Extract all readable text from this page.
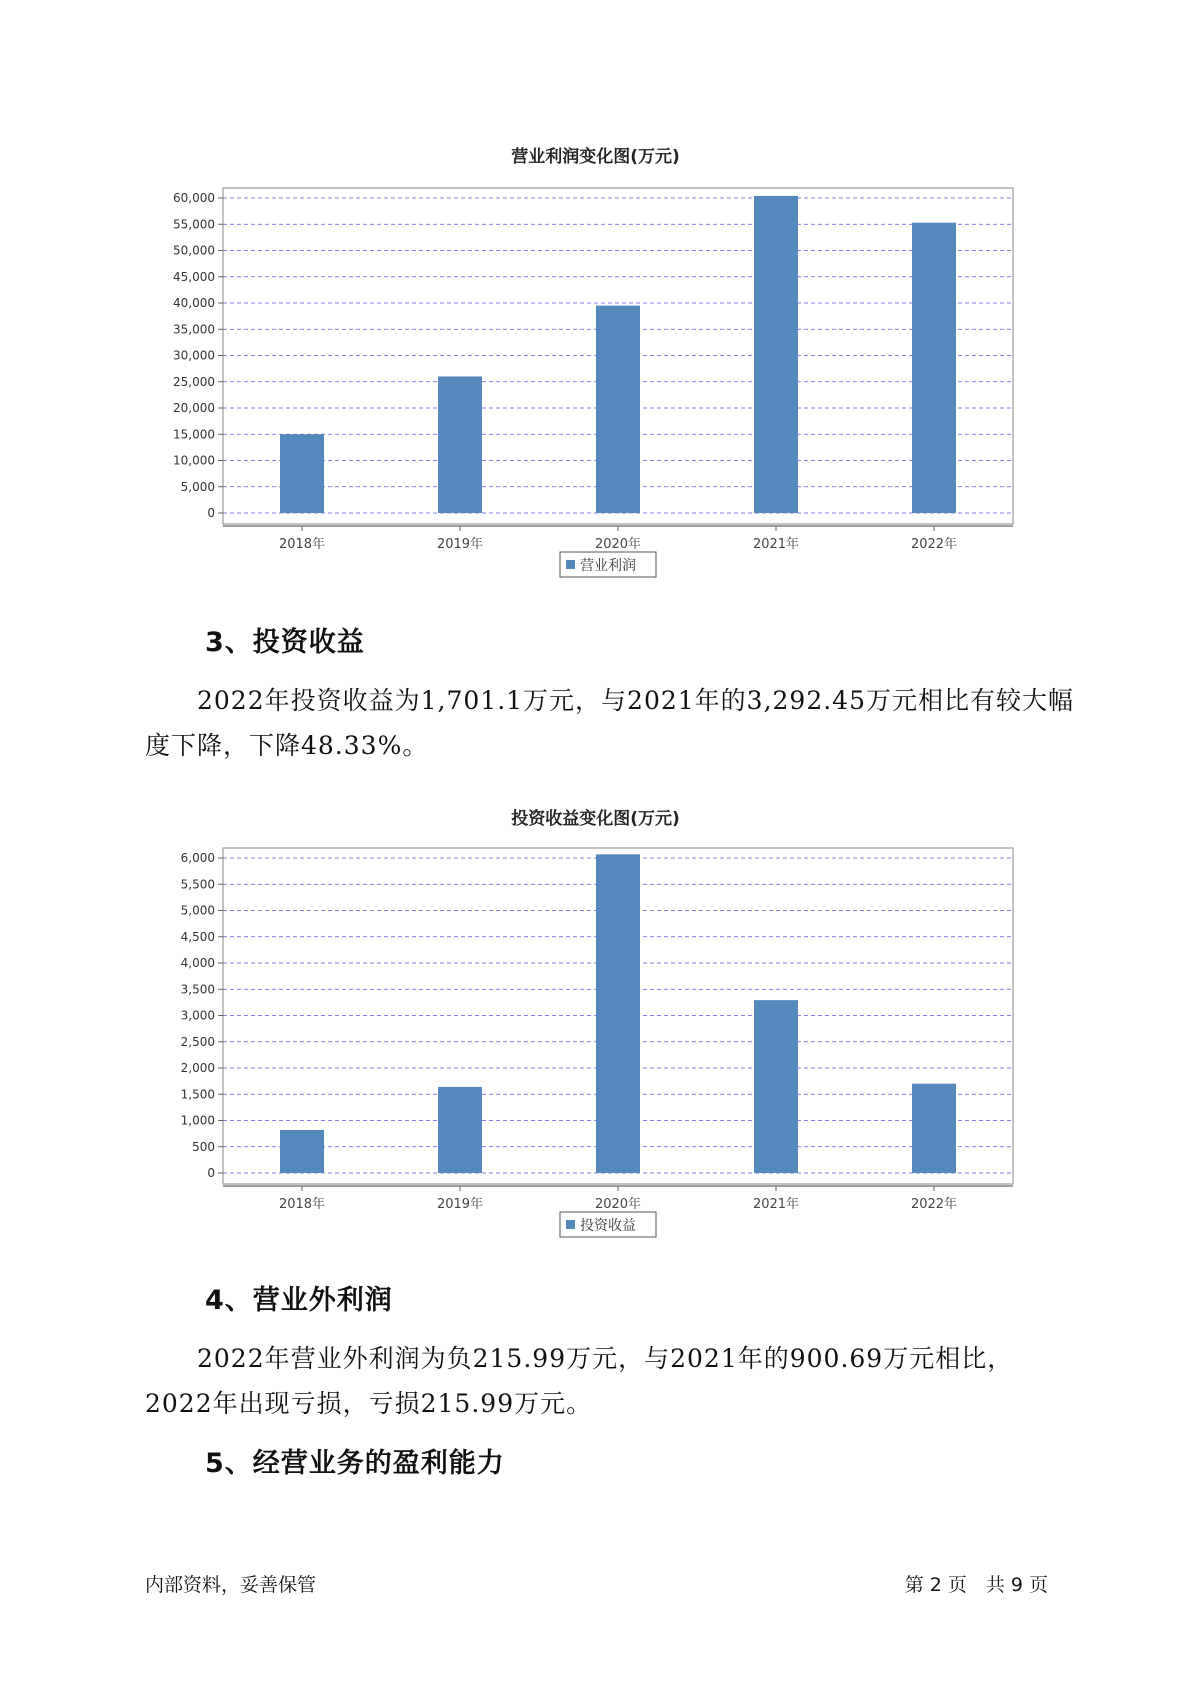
营业利润变化图(万元)
0
5,000
10,000
15,000
20,000
25,000
30,000
35,000
40,000
45,000
50,000
55,000
60,000
2018年	2019年	2020年	2021年	2022年
营业利润
3、投资收益

2022年投资收益为1,701.1万元，与2021年的3,292.45万元相比有较大幅度下降，下降48.33%。

投资收益变化图(万元)
0
500
1,000
1,500
2,000
2,500
3,000
3,500
4,000
4,500
5,000
5,500
6,000
2018年	2019年	2020年	2021年	2022年
投资收益
4、营业外利润

2022年营业外利润为负215.99万元，与2021年的900.69万元相比，2022年出现亏损，亏损215.99万元。

5、经营业务的盈利能力
内部资料，妥善保管	第 2 页　共 9 页
